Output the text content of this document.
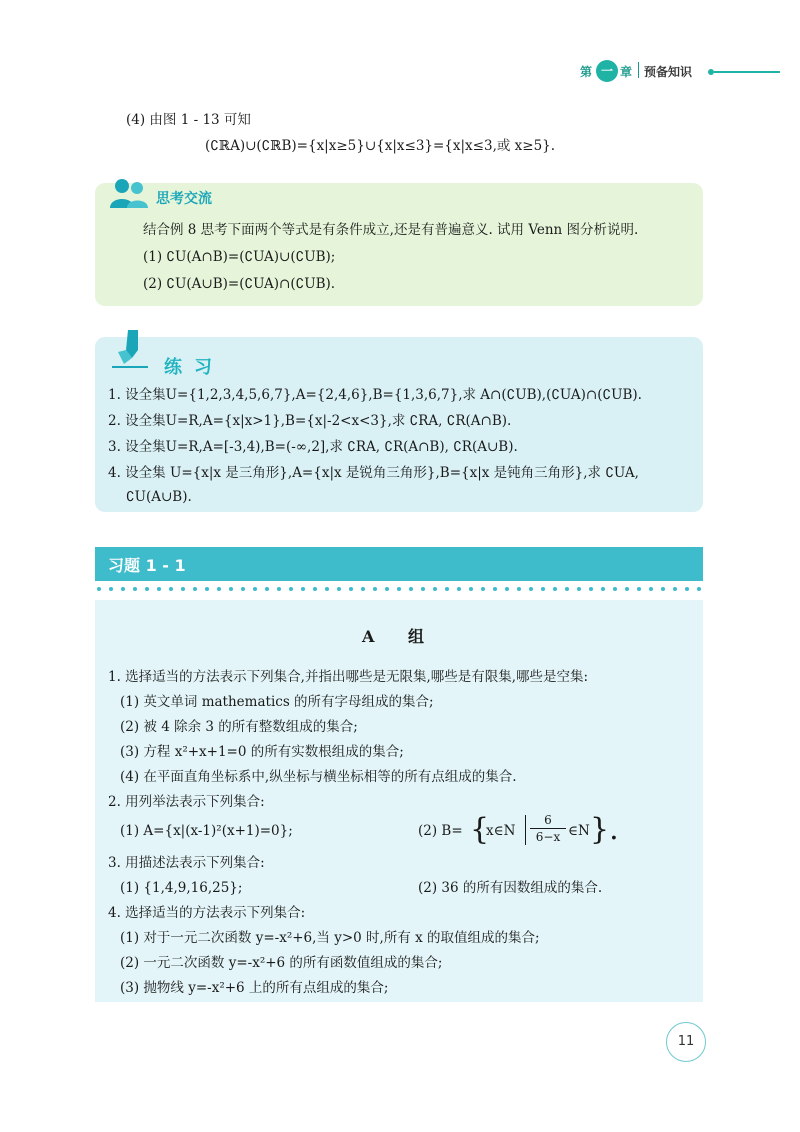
第 一 章 预备知识
(4) 由图 1 - 13 可知
(∁ℝA)∪(∁ℝB)={x|x≥5}∪{x|x≤3}={x|x≤3,或 x≥5}.
思考交流
结合例 8 思考下面两个等式是有条件成立,还是有普遍意义. 试用 Venn 图分析说明.
(1) ∁U(A∩B)=(∁UA)∪(∁UB);
(2) ∁U(A∪B)=(∁UA)∩(∁UB).
练习
1. 设全集U={1,2,3,4,5,6,7},A={2,4,6},B={1,3,6,7},求 A∩(∁UB),(∁UA)∩(∁UB).
2. 设全集U=R,A={x|x>1},B={x|-2<x<3},求 ∁RA, ∁R(A∩B).
3. 设全集U=R,A=[-3,4),B=(-∞,2],求 ∁RA, ∁R(A∩B), ∁R(A∪B).
4. 设全集 U={x|x 是三角形},A={x|x 是锐角三角形},B={x|x 是钝角三角形},求 ∁UA,
∁U(A∪B).
习题 1 - 1
A 组
1. 选择适当的方法表示下列集合,并指出哪些是无限集,哪些是有限集,哪些是空集:
(1) 英文单词 mathematics 的所有字母组成的集合;
(2) 被 4 除余 3 的所有整数组成的集合;
(3) 方程 x²+x+1=0 的所有实数根组成的集合;
(4) 在平面直角坐标系中,纵坐标与横坐标相等的所有点组成的集合.
2. 用列举法表示下列集合:
(1) A={x|(x-1)²(x+1)=0};	(2) B= {
x∈N
6
6−x ∈N }.
3. 用描述法表示下列集合:
(1) {1,4,9,16,25};	(2) 36 的所有因数组成的集合.
4. 选择适当的方法表示下列集合:
(1) 对于一元二次函数 y=-x²+6,当 y>0 时,所有 x 的取值组成的集合;
(2) 一元二次函数 y=-x²+6 的所有函数值组成的集合;
(3) 抛物线 y=-x²+6 上的所有点组成的集合;
11
